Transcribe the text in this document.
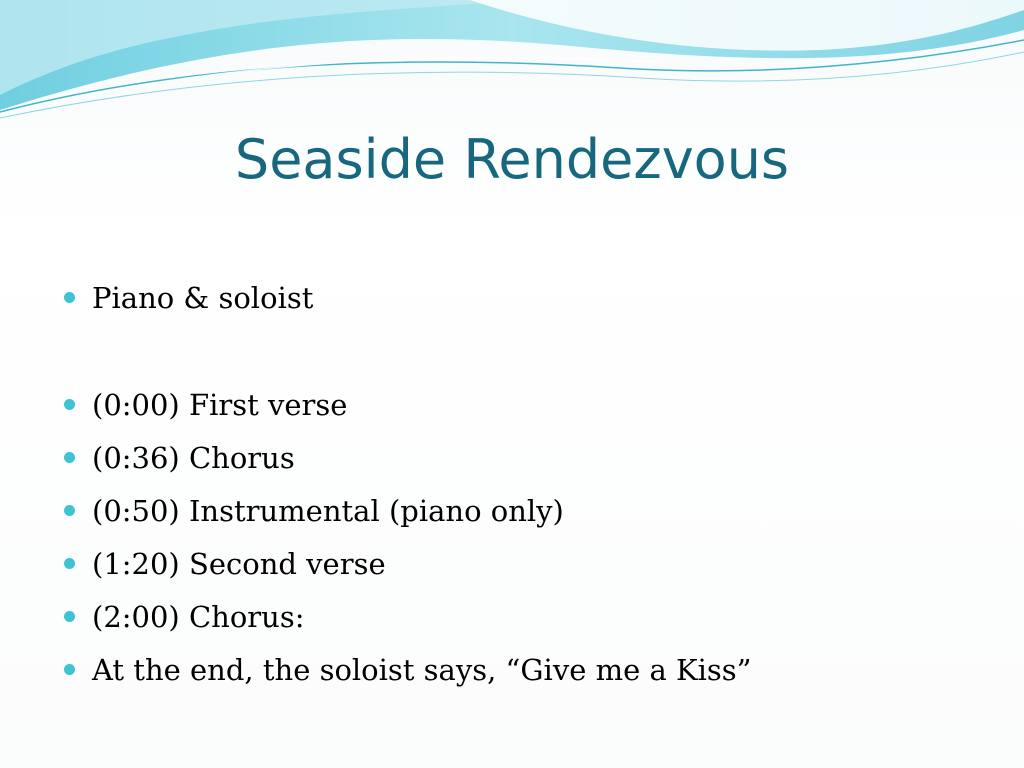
Seaside Rendezvous
Piano & soloist
(0:00) First verse
(0:36) Chorus
(0:50) Instrumental (piano only)
(1:20) Second verse
(2:00) Chorus:
At the end, the soloist says, “Give me a Kiss”
